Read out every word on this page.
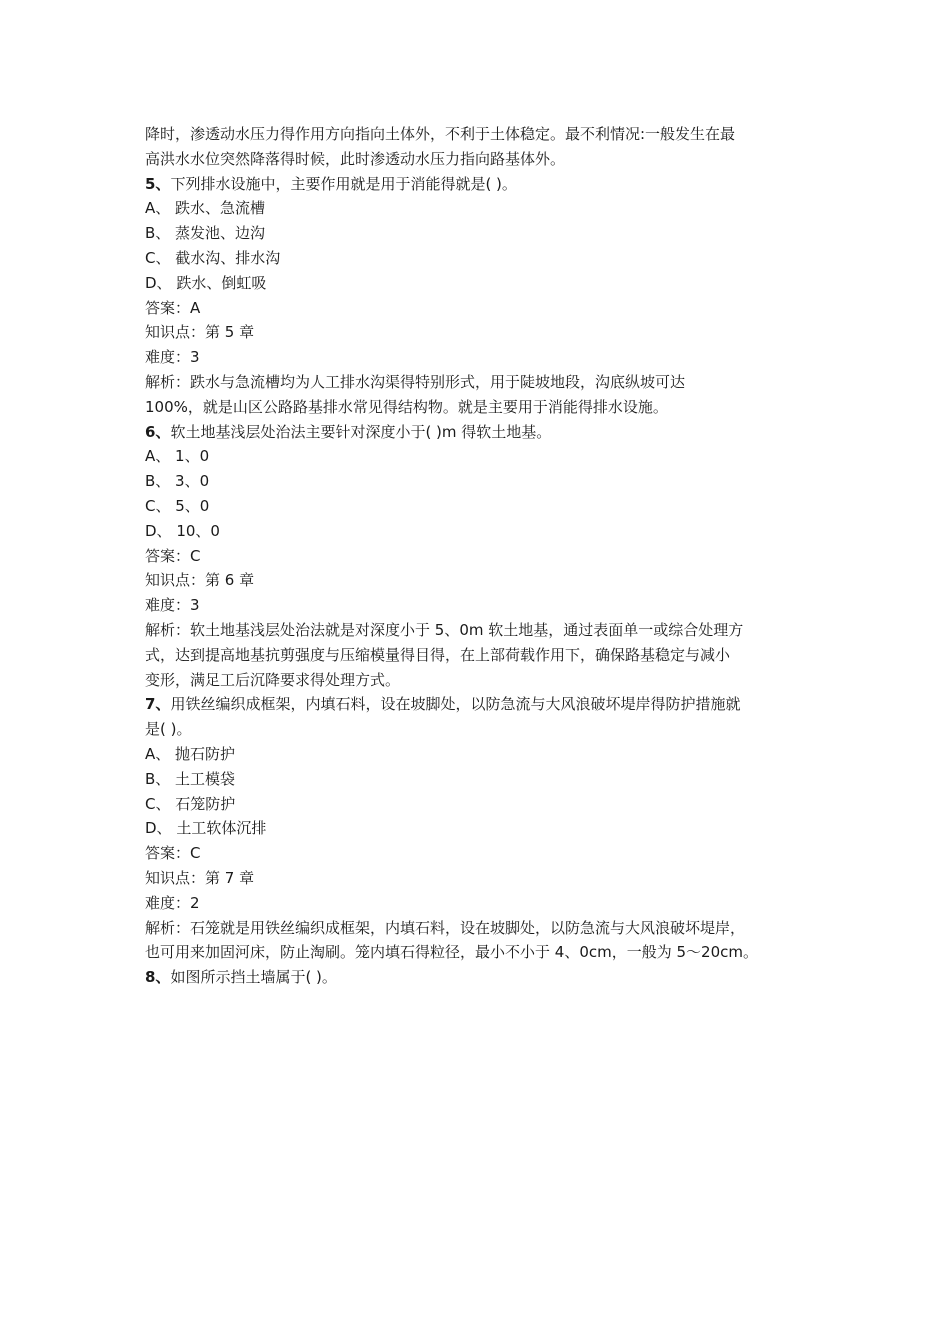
降时，渗透动水压力得作用方向指向土体外，不利于土体稳定。最不利情况:一般发生在最
高洪水水位突然降落得时候，此时渗透动水压力指向路基体外。
5、下列排水设施中，主要作用就是用于消能得就是( )。
A、 跌水、急流槽
B、 蒸发池、边沟
C、 截水沟、排水沟
D、 跌水、倒虹吸
答案：A
知识点：第 5 章
难度：3
解析：跌水与急流槽均为人工排水沟渠得特别形式，用于陡坡地段，沟底纵坡可达
100%，就是山区公路路基排水常见得结构物。就是主要用于消能得排水设施。
6、软土地基浅层处治法主要针对深度小于( )m 得软土地基。
A、 1、0
B、 3、0
C、 5、0
D、 10、0
答案：C
知识点：第 6 章
难度：3
解析：软土地基浅层处治法就是对深度小于 5、0m 软土地基，通过表面单一或综合处理方
式，达到提高地基抗剪强度与压缩模量得目得，在上部荷载作用下，确保路基稳定与减小
变形，满足工后沉降要求得处理方式。
7、用铁丝编织成框架，内填石料，设在坡脚处，以防急流与大风浪破坏堤岸得防护措施就
是( )。
A、 抛石防护
B、 土工模袋
C、 石笼防护
D、 土工软体沉排
答案：C
知识点：第 7 章
难度：2
解析：石笼就是用铁丝编织成框架，内填石料，设在坡脚处，以防急流与大风浪破坏堤岸，
也可用来加固河床，防止淘刷。笼内填石得粒径，最小不小于 4、0cm，一般为 5～20cm。
8、如图所示挡土墙属于( )。
